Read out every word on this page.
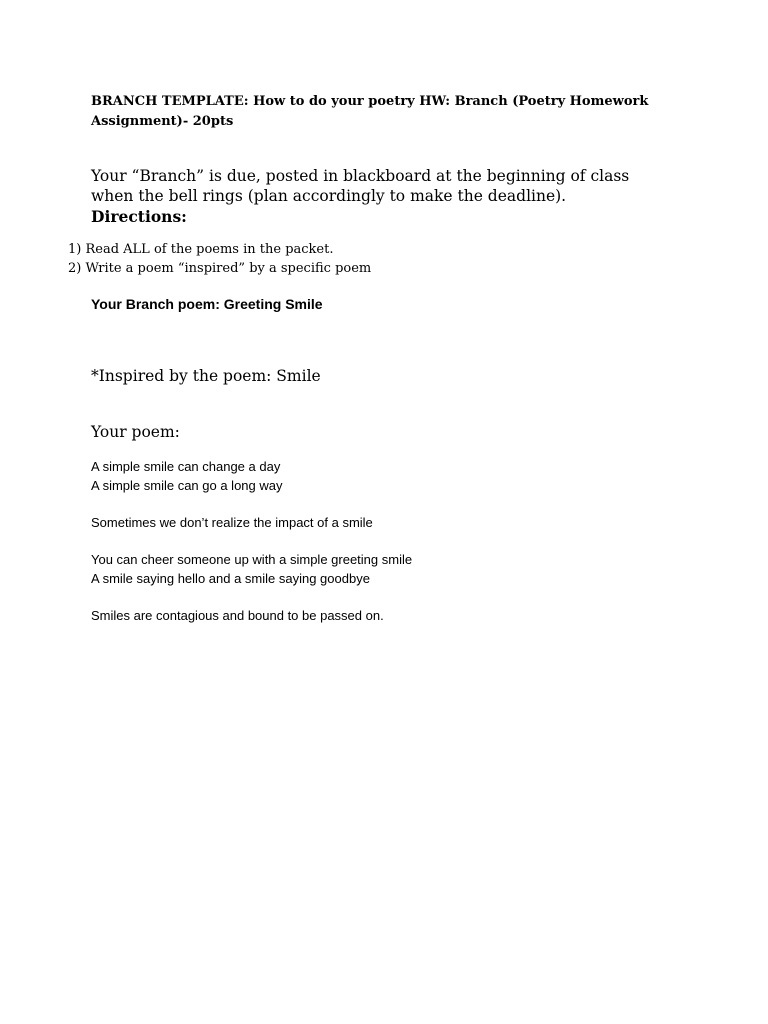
BRANCH TEMPLATE: How to do your poetry HW: Branch (Poetry Homework Assignment)- 20pts
Your “Branch” is due, posted in blackboard at the beginning of class when the bell rings (plan accordingly to make the deadline).
Directions:
1) Read ALL of the poems in the packet.
2) Write a poem “inspired” by a specific poem
Your Branch poem: Greeting Smile
*Inspired by the poem: Smile
Your poem:
A simple smile can change a day
A simple smile can go a long way
Sometimes we don’t realize the impact of a smile
You can cheer someone up with a simple greeting smile
A smile saying hello and a smile saying goodbye
Smiles are contagious and bound to be passed on.
